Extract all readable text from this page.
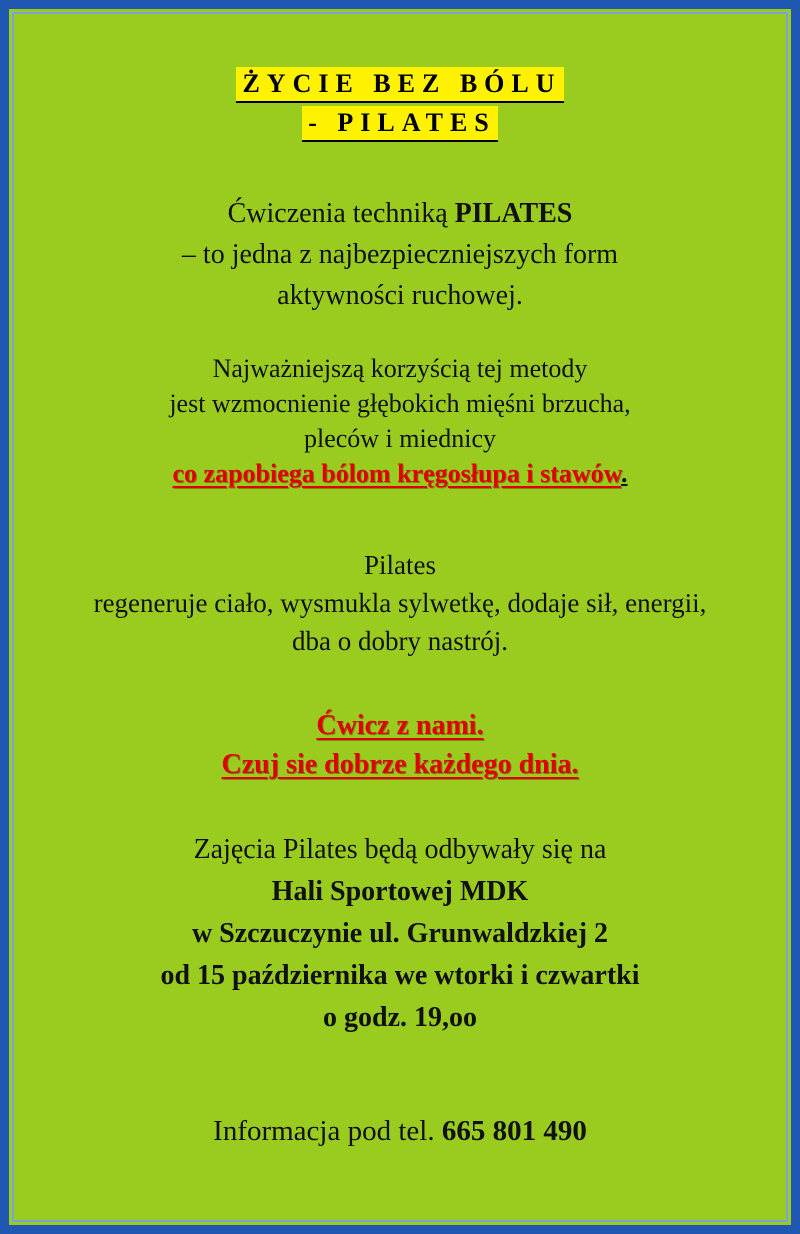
ŻYCIE BEZ BÓLU
- PILATES
Ćwiczenia techniką PILATES
– to jedna z najbezpieczniejszych form
aktywności ruchowej.
Najważniejszą korzyścią tej metody
jest wzmocnienie głębokich mięśni brzucha,
pleców i miednicy
co zapobiega bólom kręgosłupa i stawów.
Pilates
regeneruje ciało, wysmukla sylwetkę, dodaje sił, energii,
dba o dobry nastrój.
Ćwicz z nami.
Czuj sie dobrze każdego dnia.
Zajęcia Pilates będą odbywały się na
Hali Sportowej MDK
w Szczuczynie ul. Grunwaldzkiej 2
od 15 października we wtorki i czwartki
o godz. 19,oo
Informacja pod tel. 665 801 490
